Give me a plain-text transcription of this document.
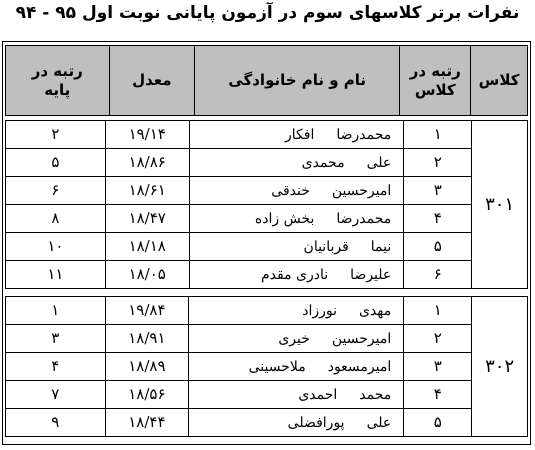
نفرات برتر کلاسهای سوم در آزمون پایانی نوبت اول ۹۵ - ۹۴
کلاس	رتبه در کلاس	نام و نام خانوادگی	معدل	رتبه در پایه
۳۰۱	۱	محمدرضاافکار	۱۹/۱۴	۲
	۲	علیمحمدی	۱۸/۸۶	۵
	۳	امیرحسینخندقی	۱۸/۶۱	۶
	۴	محمدرضابخش زاده	۱۸/۴۷	۸
	۵	نیماقربانیان	۱۸/۱۸	۱۰
	۶	علیرضانادری مقدم	۱۸/۰۵	۱۱
۳۰۲	۱	مهدینورزاد	۱۹/۸۴	۱
	۲	امیرحسینخیری	۱۸/۹۱	۳
	۳	امیرمسعودملاحسینی	۱۸/۸۹	۴
	۴	محمداحمدی	۱۸/۵۶	۷
	۵	علیپورافضلی	۱۸/۴۴	۹
